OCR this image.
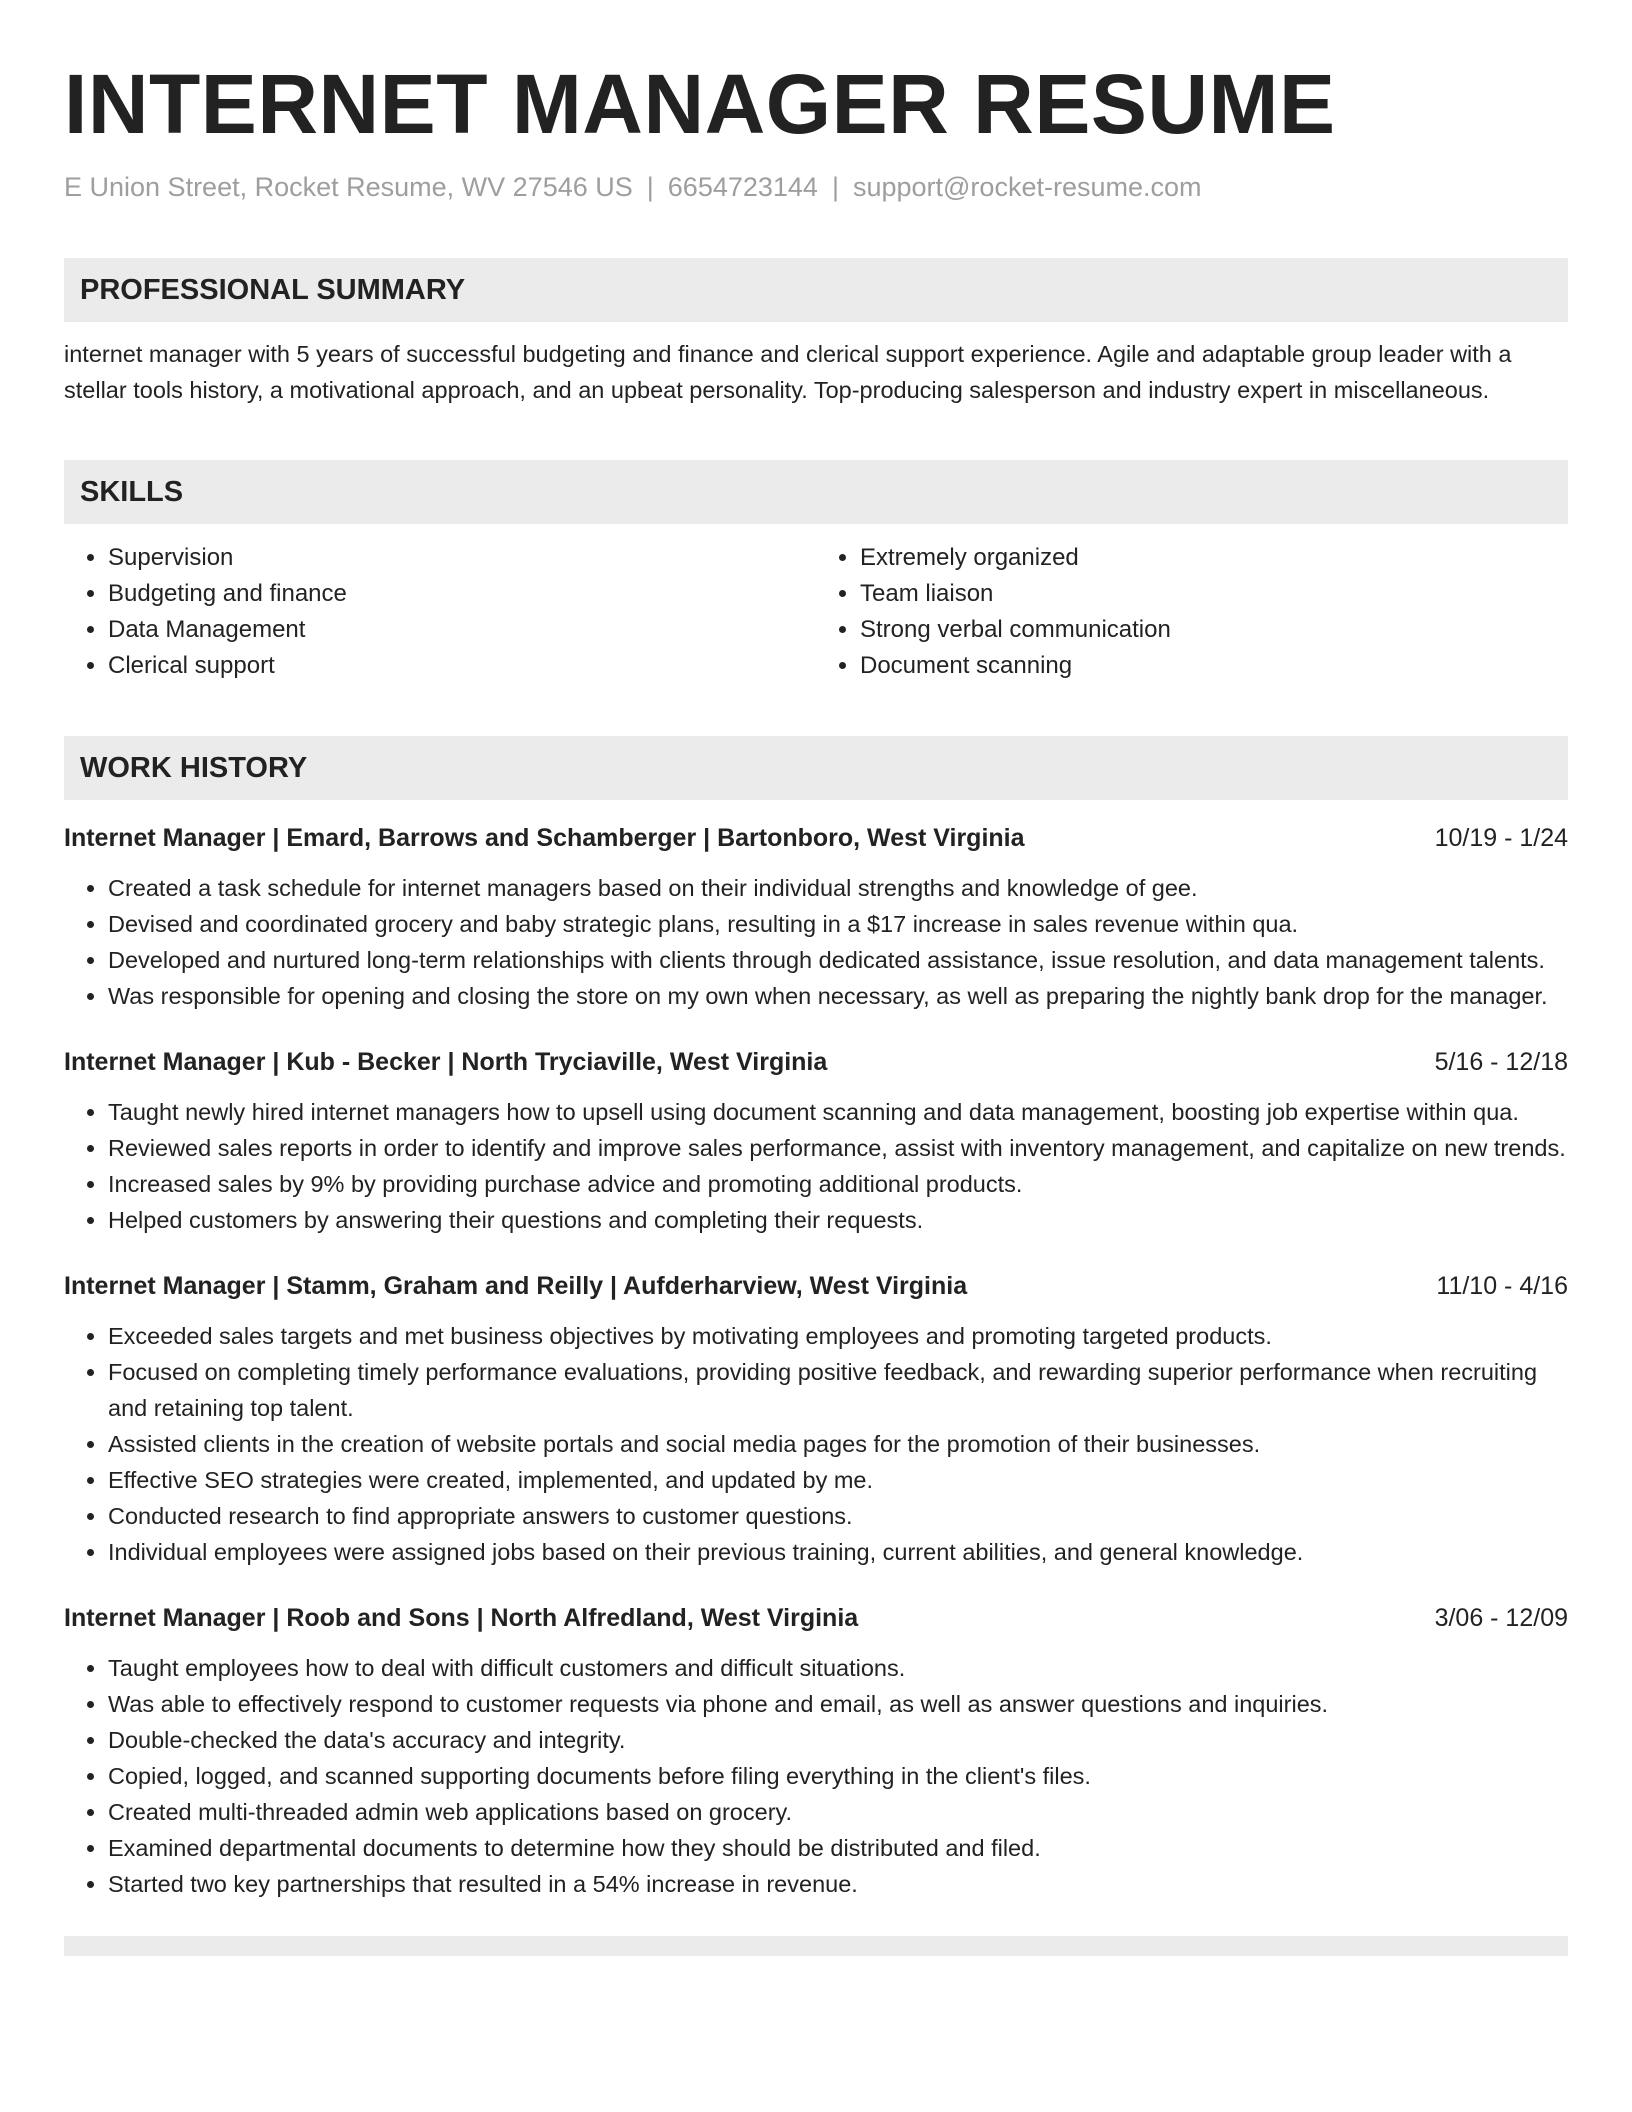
INTERNET MANAGER RESUME
E Union Street, Rocket Resume, WV 27546 US | 6654723144 | support@rocket-resume.com
PROFESSIONAL SUMMARY
internet manager with 5 years of successful budgeting and finance and clerical support experience. Agile and adaptable group leader with a stellar tools history, a motivational approach, and an upbeat personality. Top-producing salesperson and industry expert in miscellaneous.
SKILLS
• Supervision
• Budgeting and finance
• Data Management
• Clerical support
• Extremely organized
• Team liaison
• Strong verbal communication
• Document scanning
WORK HISTORY
Internet Manager | Emard, Barrows and Schamberger | Bartonboro, West Virginia	10/19 - 1/24
• Created a task schedule for internet managers based on their individual strengths and knowledge of gee.
• Devised and coordinated grocery and baby strategic plans, resulting in a $17 increase in sales revenue within qua.
• Developed and nurtured long-term relationships with clients through dedicated assistance, issue resolution, and data management talents.
• Was responsible for opening and closing the store on my own when necessary, as well as preparing the nightly bank drop for the manager.
Internet Manager | Kub - Becker | North Tryciaville, West Virginia	5/16 - 12/18
• Taught newly hired internet managers how to upsell using document scanning and data management, boosting job expertise within qua.
• Reviewed sales reports in order to identify and improve sales performance, assist with inventory management, and capitalize on new trends.
• Increased sales by 9% by providing purchase advice and promoting additional products.
• Helped customers by answering their questions and completing their requests.
Internet Manager | Stamm, Graham and Reilly | Aufderharview, West Virginia	11/10 - 4/16
• Exceeded sales targets and met business objectives by motivating employees and promoting targeted products.
• Focused on completing timely performance evaluations, providing positive feedback, and rewarding superior performance when recruiting and retaining top talent.
• Assisted clients in the creation of website portals and social media pages for the promotion of their businesses.
• Effective SEO strategies were created, implemented, and updated by me.
• Conducted research to find appropriate answers to customer questions.
• Individual employees were assigned jobs based on their previous training, current abilities, and general knowledge.
Internet Manager | Roob and Sons | North Alfredland, West Virginia	3/06 - 12/09
• Taught employees how to deal with difficult customers and difficult situations.
• Was able to effectively respond to customer requests via phone and email, as well as answer questions and inquiries.
• Double-checked the data's accuracy and integrity.
• Copied, logged, and scanned supporting documents before filing everything in the client's files.
• Created multi-threaded admin web applications based on grocery.
• Examined departmental documents to determine how they should be distributed and filed.
• Started two key partnerships that resulted in a 54% increase in revenue.
